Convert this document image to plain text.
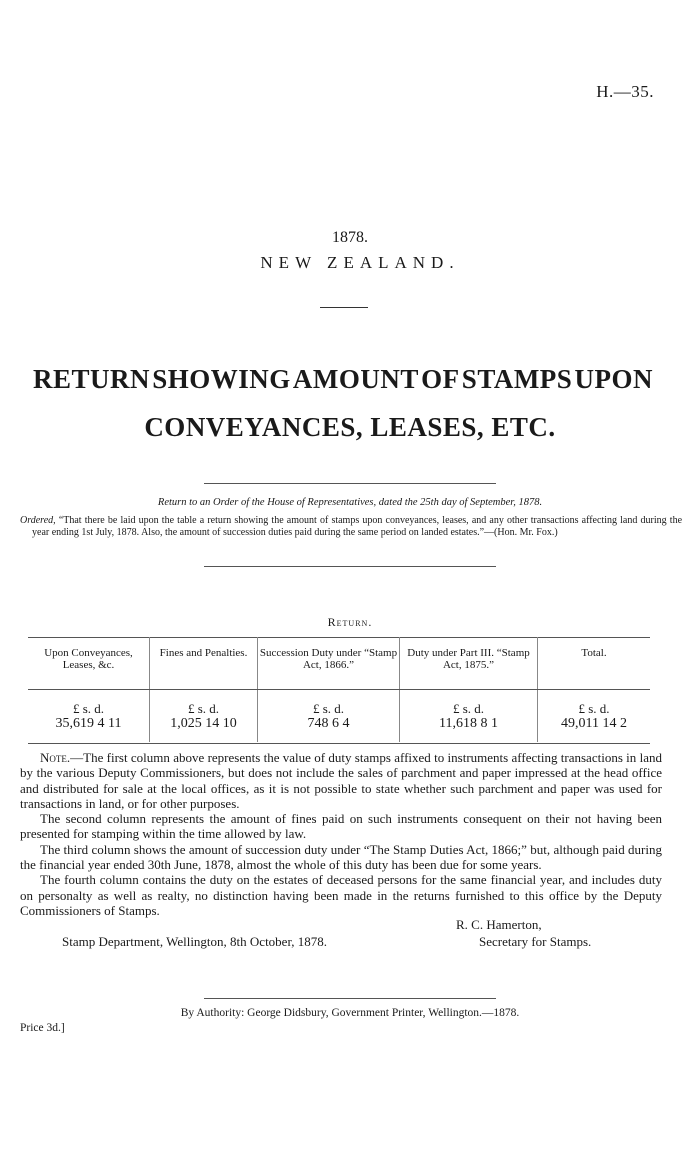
H.—35.
1878.
NEW ZEALAND.
RETURN SHOWING AMOUNT OF STAMPS UPON
CONVEYANCES, LEASES, ETC.
Return to an Order of the House of Representatives, dated the 25th day of September, 1878.
Ordered, “That there be laid upon the table a return showing the amount of stamps upon conveyances, leases, and any other transactions affecting land during the year ending 1st July, 1878. Also, the amount of succession duties paid during the same period on landed estates.”—(Hon. Mr. Fox.)
Return.
Upon Conveyances, Leases, &c.
Fines and Penalties.	Succession Duty under “Stamp Act, 1866.”
Duty under Part III. “Stamp Act, 1875.”
Total.
£ s. d.
35,619 4 11
£ s. d.
1,025 14 10
£ s. d.
748 6 4
£ s. d.
11,618 8 1
£ s. d.
49,011 14 2

Note.—The first column above represents the value of duty stamps affixed to instruments affecting transactions in land by the various Deputy Commissioners, but does not include the sales of parchment and paper impressed at the head office and distributed for sale at the local offices, as it is not possible to state whether such parchment and paper was used for transactions in land, or for other purposes.

The second column represents the amount of fines paid on such instruments consequent on their not having been presented for stamping within the time allowed by law.

The third column shows the amount of succession duty under “The Stamp Duties Act, 1866;” but, although paid during the financial year ended 30th June, 1878, almost the whole of this duty has been due for some years.

The fourth column contains the duty on the estates of deceased persons for the same financial year, and includes duty on personalty as well as realty, no distinction having been made in the returns furnished to this office by the Deputy Commissioners of Stamps.

R. C. Hamerton,
Stamp Department, Wellington, 8th October, 1878.	Secretary for Stamps.
By Authority: George Didsbury, Government Printer, Wellington.—1878.
Price 3d.]
